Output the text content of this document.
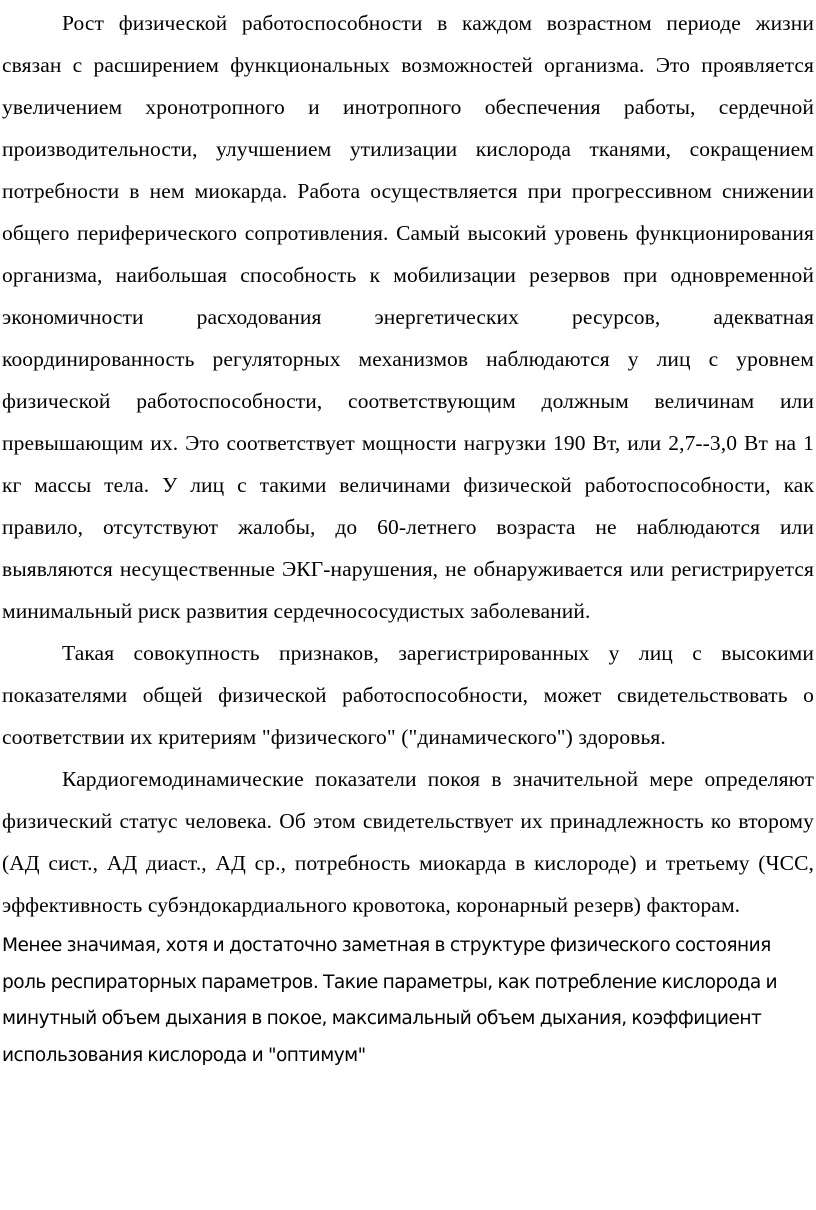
Рост физической работоспособности в каждом возрастном периоде жизни связан с расширением функциональных возможностей организма. Это проявляется увеличением хронотропного и инотропного обеспечения работы, сердечной производительности, улучшением утилизации кислорода тканями, сокращением потребности в нем миокарда. Работа осуществляется при прогрессивном снижении общего периферического сопротивления. Самый высокий уровень функционирования организма, наибольшая способность к мобилизации резервов при одновременной экономичности расходования энергетических ресурсов, адекватная координированность регуляторных механизмов наблюдаются у лиц с уровнем физической работоспособности, соответствующим должным величинам или превышающим их. Это соответствует мощности нагрузки 190 Вт, или 2,7--3,0 Вт на 1 кг массы тела. У лиц с такими величинами физической работоспособности, как правило, отсутствуют жалобы, до 60-летнего возраста не наблюдаются или выявляются несущественные ЭКГ-нарушения, не обнаруживается или регистрируется минимальный риск развития сердечнососудистых заболеваний.

Такая совокупность признаков, зарегистрированных у лиц с высокими показателями общей физической работоспособности, может свидетельствовать о соответствии их критериям "физического" ("динамического") здоровья.

Кардиогемодинамические показатели покоя в значительной мере определяют физический статус человека. Об этом свидетельствует их принадлежность ко второму (АД сист., АД диаст., АД ср., потребность миокарда в кислороде) и третьему (ЧСС, эффективность субэндокардиального кровотока, коронарный резерв) факторам.

Менее значимая, хотя и достаточно заметная в структуре физического состояния роль респираторных параметров. Такие параметры, как потребление кислорода и минутный объем дыхания в покое, максимальный объем дыхания, коэффициент использования кислорода и "оптимум"
